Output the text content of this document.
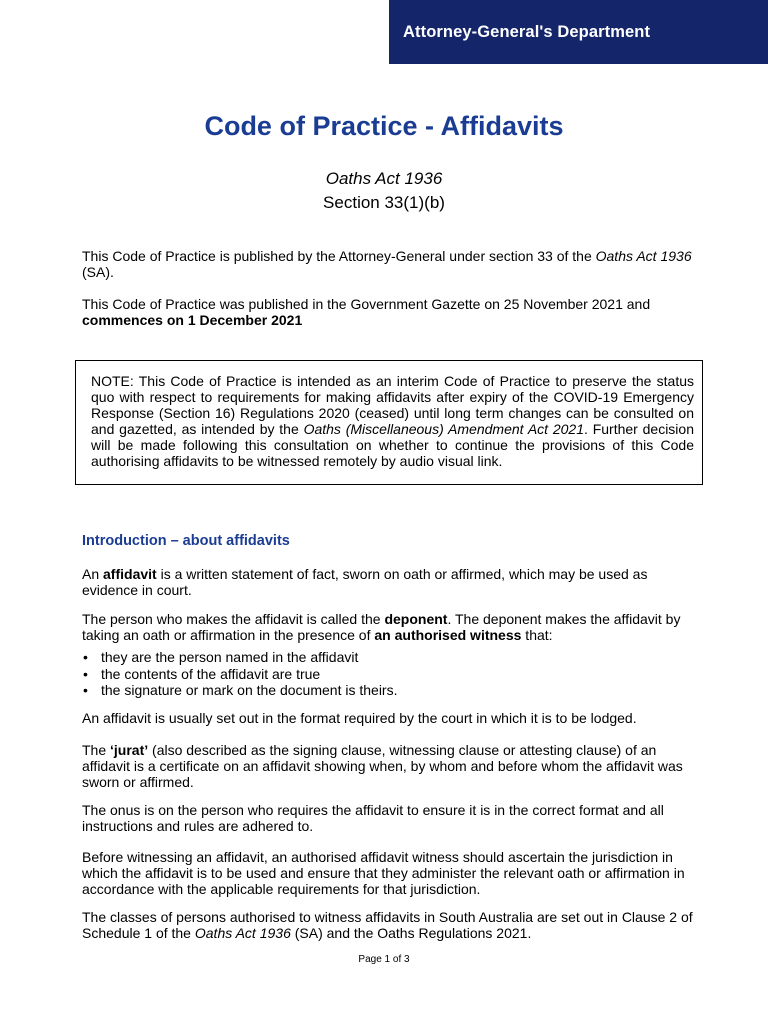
Attorney-General's Department
Code of Practice - Affidavits
Oaths Act 1936
Section 33(1)(b)

This Code of Practice is published by the Attorney-General under section 33 of the Oaths Act 1936 (SA).

This Code of Practice was published in the Government Gazette on 25 November 2021 and commences on 1 December 2021

NOTE: This Code of Practice is intended as an interim Code of Practice to preserve the status quo with respect to requirements for making affidavits after expiry of the COVID-19 Emergency Response (Section 16) Regulations 2020 (ceased) until long term changes can be consulted on and gazetted, as intended by the Oaths (Miscellaneous) Amendment Act 2021. Further decision will be made following this consultation on whether to continue the provisions of this Code authorising affidavits to be witnessed remotely by audio visual link.
Introduction – about affidavits

An affidavit is a written statement of fact, sworn on oath or affirmed, which may be used as evidence in court.

The person who makes the affidavit is called the deponent. The deponent makes the affidavit by taking an oath or affirmation in the presence of an authorised witness that:

• they are the person named in the affidavit
• the contents of the affidavit are true
• the signature or mark on the document is theirs.

An affidavit is usually set out in the format required by the court in which it is to be lodged.

The ‘jurat’ (also described as the signing clause, witnessing clause or attesting clause) of an affidavit is a certificate on an affidavit showing when, by whom and before whom the affidavit was sworn or affirmed.

The onus is on the person who requires the affidavit to ensure it is in the correct format and all instructions and rules are adhered to.

Before witnessing an affidavit, an authorised affidavit witness should ascertain the jurisdiction in which the affidavit is to be used and ensure that they administer the relevant oath or affirmation in accordance with the applicable requirements for that jurisdiction.

The classes of persons authorised to witness affidavits in South Australia are set out in Clause 2 of Schedule 1 of the Oaths Act 1936 (SA) and the Oaths Regulations 2021.

Page 1 of 3
